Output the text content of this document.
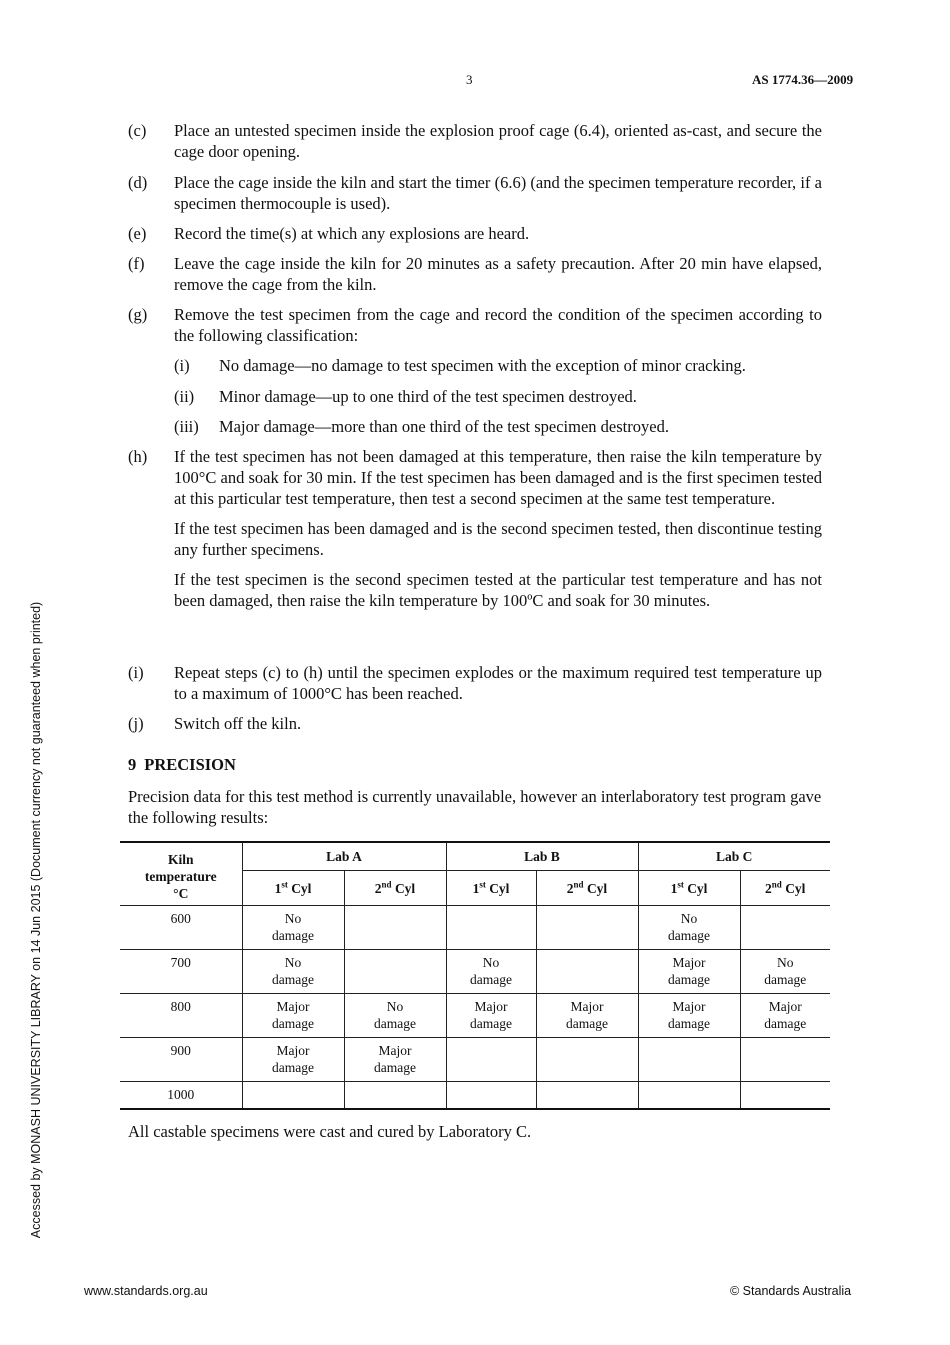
3	AS 1774.36—2009
(c)	Place an untested specimen inside the explosion proof cage (6.4), oriented as-cast, and secure the cage door opening.

(d)	Place the cage inside the kiln and start the timer (6.6) (and the specimen temperature recorder, if a specimen thermocouple is used).

(e)	Record the time(s) at which any explosions are heard.

(f)	Leave the cage inside the kiln for 20 minutes as a safety precaution. After 20 min have elapsed, remove the cage from the kiln.

(g)	Remove the test specimen from the cage and record the condition of the specimen according to the following classification:

(i) No damage—no damage to test specimen with the exception of minor cracking.
(ii) Minor damage—up to one third of the test specimen destroyed.
(iii) Major damage—more than one third of the test specimen destroyed.
(h)	If the test specimen has not been damaged at this temperature, then raise the kiln temperature by 100°C and soak for 30 min. If the test specimen has been damaged and is the first specimen tested at this particular test temperature, then test a second specimen at the same test temperature.

If the test specimen has been damaged and is the second specimen tested, then discontinue testing any further specimens.

If the test specimen is the second specimen tested at the particular test temperature and has not been damaged, then raise the kiln temperature by 100ºC and soak for 30 minutes.

(i)	Repeat steps (c) to (h) until the specimen explodes or the maximum required test temperature up to a maximum of 1000°C has been reached.

(j)	Switch off the kiln.

9 PRECISION
Precision data for this test method is currently unavailable, however an interlaboratory test program gave the following results:
Kiln
temperature
°C	Lab A		Lab B		Lab C	
	1st Cyl	2nd Cyl	1st Cyl	2nd Cyl	1st Cyl	2nd Cyl
600	No damage				No damage	

700	No damage		No damage		Major damage	No damage

800	Major damage	No damage	Major damage	Major damage	Major damage	Major damage

900	Major damage	Major damage				

1000	

All castable specimens were cast and cured by Laboratory C.
Accessed by MONASH UNIVERSITY LIBRARY on 14 Jun 2015 (Document currency not guaranteed when printed)
www.standards.org.au	© Standards Australia
